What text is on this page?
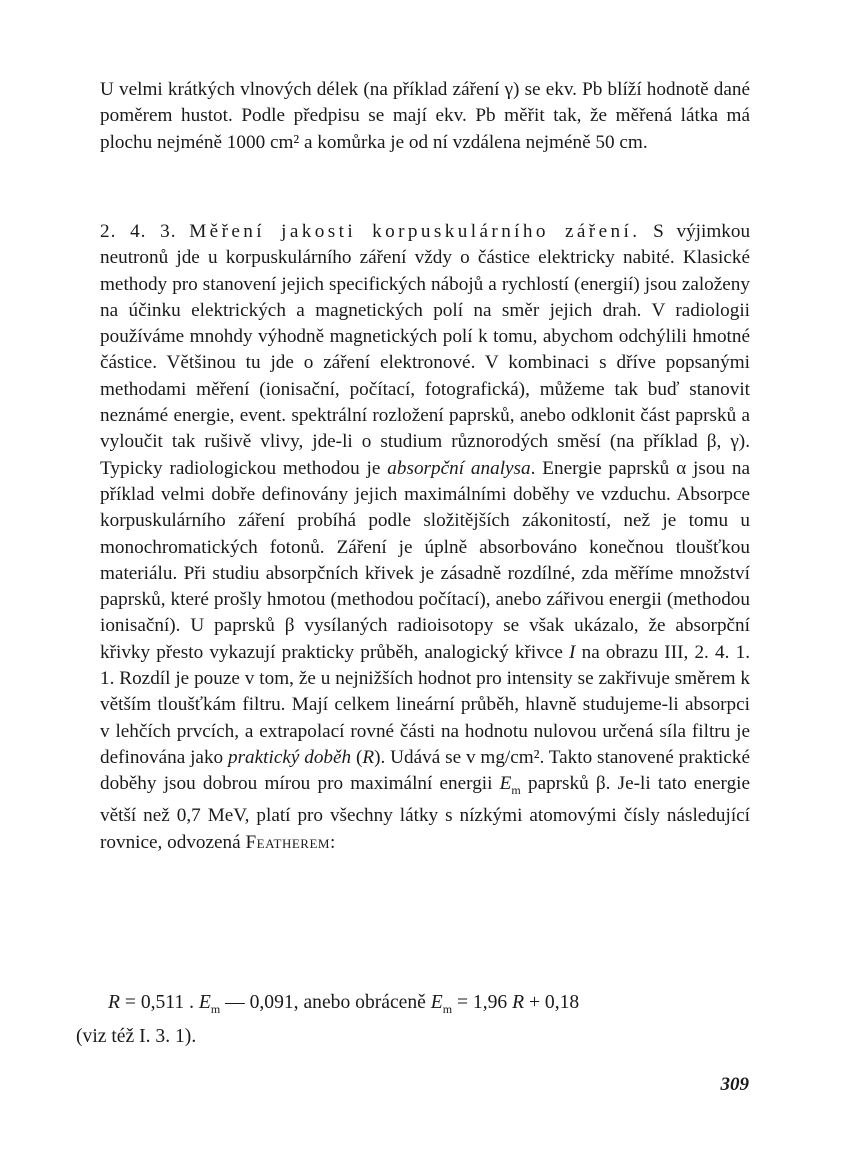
U velmi krátkých vlnových délek (na příklad záření γ) se ekv. Pb blíží hodnotě dané poměrem hustot. Podle předpisu se mají ekv. Pb měřit tak, že měřená látka má plochu nejméně 1000 cm² a komůrka je od ní vzdálena nejméně 50 cm.

2. 4. 3. Měření jakosti korpuskulárního záření. S výjimkou neutronů jde u korpuskulárního záření vždy o částice elektricky nabité. Klasické methody pro stanovení jejich specifických nábojů a rychlostí (energií) jsou založeny na účinku elektrických a magnetických polí na směr jejich drah. V radiologii používáme mnohdy výhodně magnetických polí k tomu, abychom odchýlili hmotné částice. Většinou tu jde o záření elektronové. V kombinaci s dříve popsanými methodami měření (ionisační, počítací, fotografická), můžeme tak buď stanovit neznámé energie, event. spektrální rozložení paprsků, anebo odklonit část paprsků a vyloučit tak rušivě vlivy, jde-li o studium různorodých směsí (na příklad β, γ). Typicky radiologickou methodou je absorpční analysa. Energie paprsků α jsou na příklad velmi dobře definovány jejich maximálními doběhy ve vzduchu. Absorpce korpuskulárního záření probíhá podle složitějších zákonitostí, než je tomu u monochromatických fotonů. Záření je úplně absorbováno konečnou tloušťkou materiálu. Při studiu absorpčních křivek je zásadně rozdílné, zda měříme množství paprsků, které prošly hmotou (methodou počítací), anebo zářivou energii (methodou ionisační). U paprsků β vysílaných radioisotopy se však ukázalo, že absorpční křivky přesto vykazují prakticky průběh, analogický křivce I na obrazu III, 2. 4. 1. 1. Rozdíl je pouze v tom, že u nejnižších hodnot pro intensity se zakřivuje směrem k větším tloušťkám filtru. Mají celkem lineární průběh, hlavně studujeme-li absorpci v lehčích prvcích, a extrapolací rovné části na hodnotu nulovou určená síla filtru je definována jako praktický doběh (R). Udává se v mg/cm². Takto stanovené praktické doběhy jsou dobrou mírou pro maximální energii $E_m$ paprsků β. Je-li tato energie větší než 0,7 MeV, platí pro všechny látky s nízkými atomovými čísly následující rovnice, odvozená Featherem:

R = 0,511 . $E_m$ — 0,091, anebo obráceně $E_m = 1,96$ R + 0,18
(viz též I. 3. 1).
309
